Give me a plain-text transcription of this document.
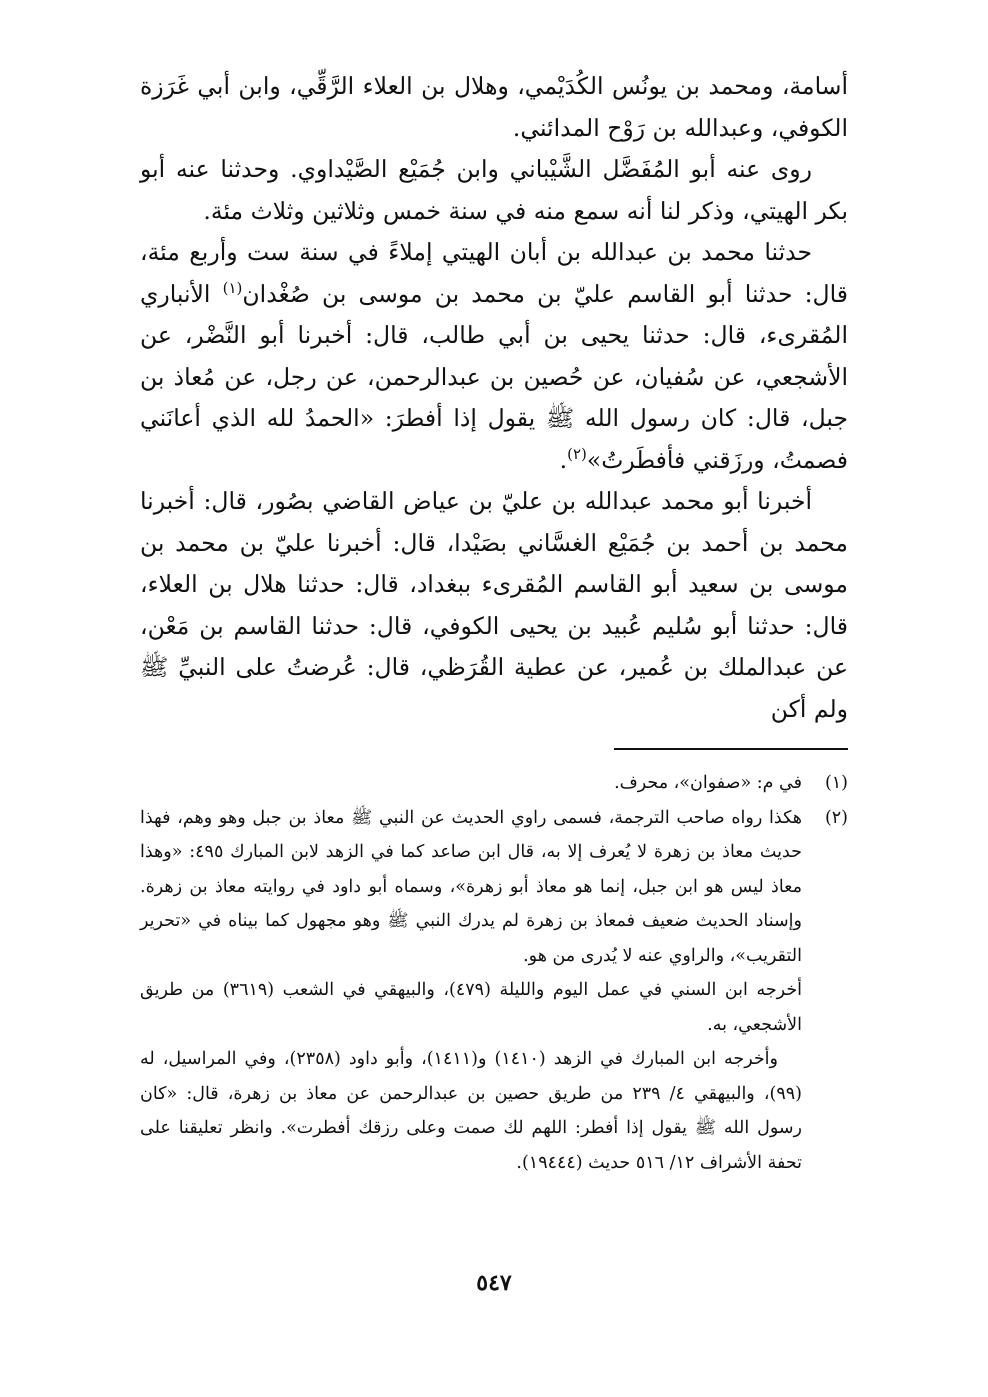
أسامة، ومحمد بن يونُس الكُدَيْمي، وهلال بن العلاء الرَّقِّي، وابن أبي غَرَزة الكوفي، وعبدالله بن رَوْح المدائني.

روى عنه أبو المُفَضَّل الشَّيْباني وابن جُمَيْع الصَّيْداوي. وحدثنا عنه أبو بكر الهيتي، وذكر لنا أنه سمع منه في سنة خمس وثلاثين وثلاث مئة.

حدثنا محمد بن عبدالله بن أبان الهيتي إملاءً في سنة ست وأربع مئة، قال: حدثنا أبو القاسم عليّ بن محمد بن موسى بن صُغْدان$^{(١)}$ الأنباري المُقرىء، قال: حدثنا يحيى بن أبي طالب، قال: أخبرنا أبو النَّضْر، عن الأشجعي، عن سُفيان، عن حُصين بن عبدالرحمن، عن رجل، عن مُعاذ بن جبل، قال: كان رسول الله ﷺ يقول إذا أفطرَ: «الحمدُ لله الذي أعانَني فصمتُ، ورزَقني فأفطَرتُ»$^{(٢)}$.

أخبرنا أبو محمد عبدالله بن عليّ بن عياض القاضي بصُور، قال: أخبرنا محمد بن أحمد بن جُمَيْع الغسَّاني بصَيْدا، قال: أخبرنا عليّ بن محمد بن موسى بن سعيد أبو القاسم المُقرىء ببغداد، قال: حدثنا هلال بن العلاء، قال: حدثنا أبو سُليم عُبيد بن يحيى الكوفي، قال: حدثنا القاسم بن مَعْن، عن عبدالملك بن عُمير، عن عطية القُرَظي، قال: عُرضتُ على النبيِّ ﷺ ولم أكن

(١)

في م: «صفوان»، محرف.

(٢)

هكذا رواه صاحب الترجمة، فسمى راوي الحديث عن النبي ﷺ معاذ بن جبل وهو وهم، فهذا حديث معاذ بن زهرة لا يُعرف إلا به، قال ابن صاعد كما في الزهد لابن المبارك ٤٩٥: «وهذا معاذ ليس هو ابن جبل، إنما هو معاذ أبو زهرة»، وسماه أبو داود في روايته معاذ بن زهرة. وإسناد الحديث ضعيف فمعاذ بن زهرة لم يدرك النبي ﷺ وهو مجهول كما بيناه في «تحرير التقريب»، والراوي عنه لا يُدرى من هو.

أخرجه ابن السني في عمل اليوم والليلة (٤٧٩)، والبيهقي في الشعب (٣٦١٩) من طريق الأشجعي، به.

وأخرجه ابن المبارك في الزهد (١٤١٠) و(١٤١١)، وأبو داود (٢٣٥٨)، وفي المراسيل، له (٩٩)، والبيهقي ٤/ ٢٣٩ من طريق حصين بن عبدالرحمن عن معاذ بن زهرة، قال: «كان رسول الله ﷺ يقول إذا أفطر: اللهم لك صمت وعلى رزقك أفطرت». وانظر تعليقنا على تحفة الأشراف ١٢/ ٥١٦ حديث (١٩٤٤٤).

٥٤٧
